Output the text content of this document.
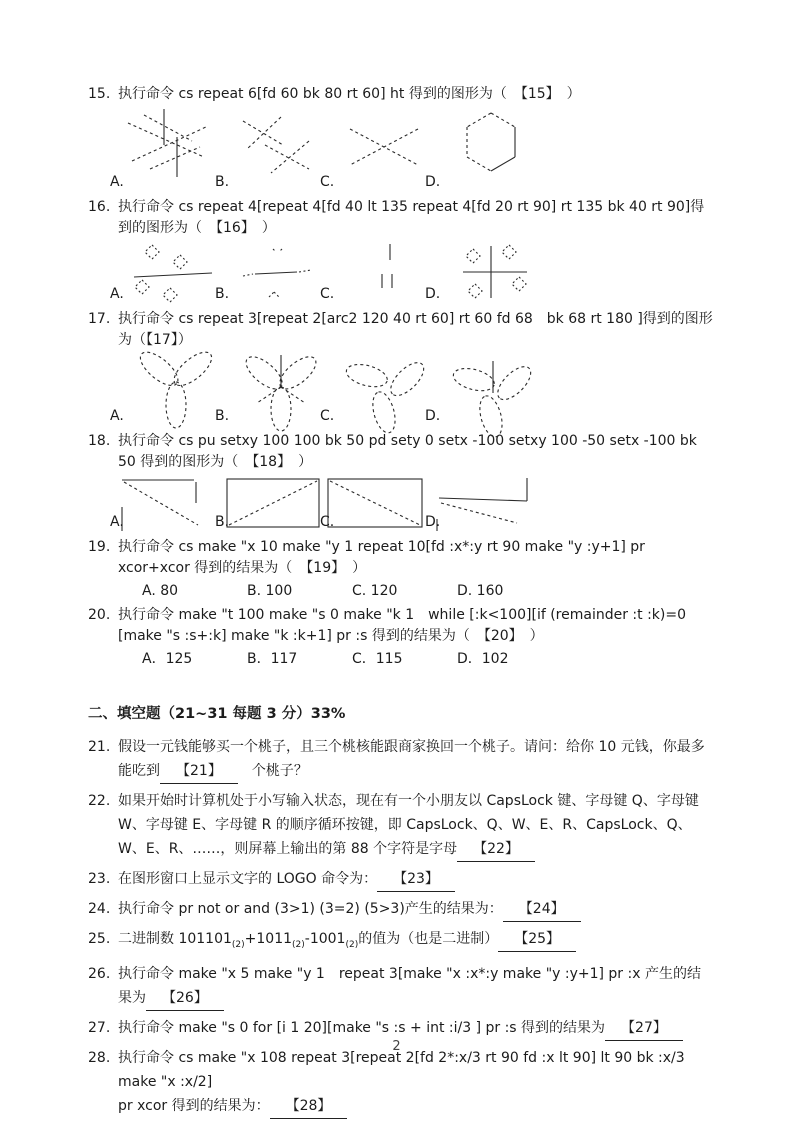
15. 执行命令 cs repeat 6[fd 60 bk 80 rt 60] ht 得到的图形为（　【15】　）
A.	B.	C.	D.
16. 执行命令 cs repeat 4[repeat 4[fd 40 lt 135 repeat 4[fd 20 rt 90] rt 135 bk 40 rt 90]得到的图形为（　【16】　）
A.	B.	C.	D.
17. 执行命令 cs repeat 3[repeat 2[arc2 120 40 rt 60] rt 60 fd 68　bk 68 rt 180 ]得到的图形为（【17】）
A.	B.	C.	D.
18. 执行命令 cs pu setxy 100 100 bk 50 pd sety 0 setx -100 setxy 100 -50 setx -100 bk 50 得到的图形为（　【18】　）
A.	B.	C.	D.
19. 执行命令 cs make "x 10 make "y 1 repeat 10[fd :x*:y rt 90 make "y :y+1] pr xcor+xcor 得到的结果为（　【19】　）
A. 80	B. 100	C. 120	D. 160
20. 执行命令 make "t 100 make "s 0 make "k 1　while [:k<100][if (remainder :t :k)=0 [make "s :s+:k] make "k :k+1] pr :s 得到的结果为（　【20】　）
A．125	B．117	C．115	D．102
二、填空题（21~31 每题 3 分）33%
21. 假设一元钱能够买一个桃子，且三个桃核能跟商家换回一个桃子。请问：给你 10 元钱，你最多能吃到 【21】　个桃子？
22. 如果开始时计算机处于小写输入状态，现在有一个小朋友以 CapsLock 键、字母键 Q、字母键 W、字母键 E、字母键 R 的顺序循环按键，即 CapsLock、Q、W、E、R、CapsLock、Q、W、E、R、……，则屏幕上输出的第 88 个字符是字母 【22】
23. 在图形窗口上显示文字的 LOGO 命令为： 【23】
24. 执行命令 pr not or and (3>1) (3=2) (5>3)产生的结果为： 【24】
25. 二进制数 $101101_{(2)}+1011_{(2)}-1001_{(2)}$的值为（也是二进制） 【25】
26. 执行命令 make "x 5 make "y 1　repeat 3[make "x :x*:y make "y :y+1] pr :x 产生的结果为 【26】
27. 执行命令 make "s 0 for [i 1 20][make "s :s + int :i/3 ] pr :s 得到的结果为 【27】
28. 执行命令 cs make "x 108 repeat 3[repeat 2[fd 2*:x/3 rt 90 fd :x lt 90] lt 90 bk :x/3 make "x :x/2]
pr xcor 得到的结果为： 【28】
2
